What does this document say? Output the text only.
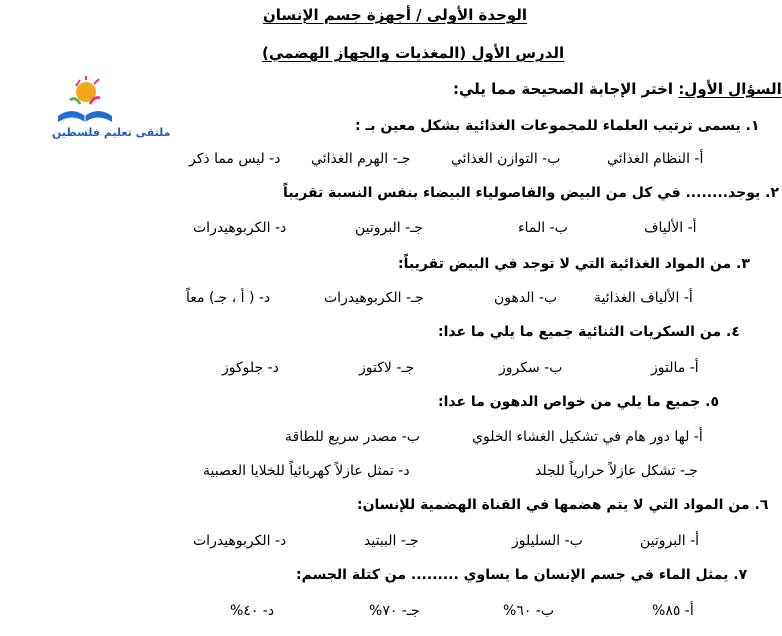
الوحدة الأولى / أجهزة جسم الإنسان
الدرس الأول (المغذيات والجهاز الهضمي)
ملتقى تعليم فلسطين
السؤال الأول: اختر الإجابة الصحيحة مما يلي:
١. يسمى ترتيب العلماء للمجموعات الغذائية بشكل معين بـ :
أ- النظام الغذائي
ب- التوازن الغذائي
جـ- الهرم الغذائي
د- ليس مما ذكر
٢. يوجد........ في كل من البيض والفاصولياء البيضاء بنفس النسبة تقريباً
أ- الألياف
ب- الماء
جـ- البروتين
د- الكربوهيدرات
٣. من المواد الغذائية التي لا توجد في البيض تقريباً:
أ- الألياف الغذائية
ب- الدهون
جـ- الكربوهيدرات
د- ( أ ، جـ) معاً
٤. من السكريات الثنائية جميع ما يلي ما عدا:
أ- مالتوز
ب- سكروز
جـ- لاكتوز
د- جلوكوز
٥. جميع ما يلي من خواص الدهون ما عدا:
أ- لها دور هام في تشكيل الغشاء الخلوي
ب- مصدر سريع للطاقة
جـ- تشكل عازلاً حرارياً للجلد
د- تمثل عازلاً كهربائياً للخلايا العصبية
٦. من المواد التي لا يتم هضمها في القناة الهضمية للإنسان:
أ- البروتين
ب- السليلوز
جـ- الببتيد
د- الكربوهيدرات
٧. يمثل الماء في جسم الإنسان ما يساوي ......... من كتلة الجسم:
أ- ٨٥%
ب- ٦٠%
جـ- ٧٠%
د- ٤٠%
